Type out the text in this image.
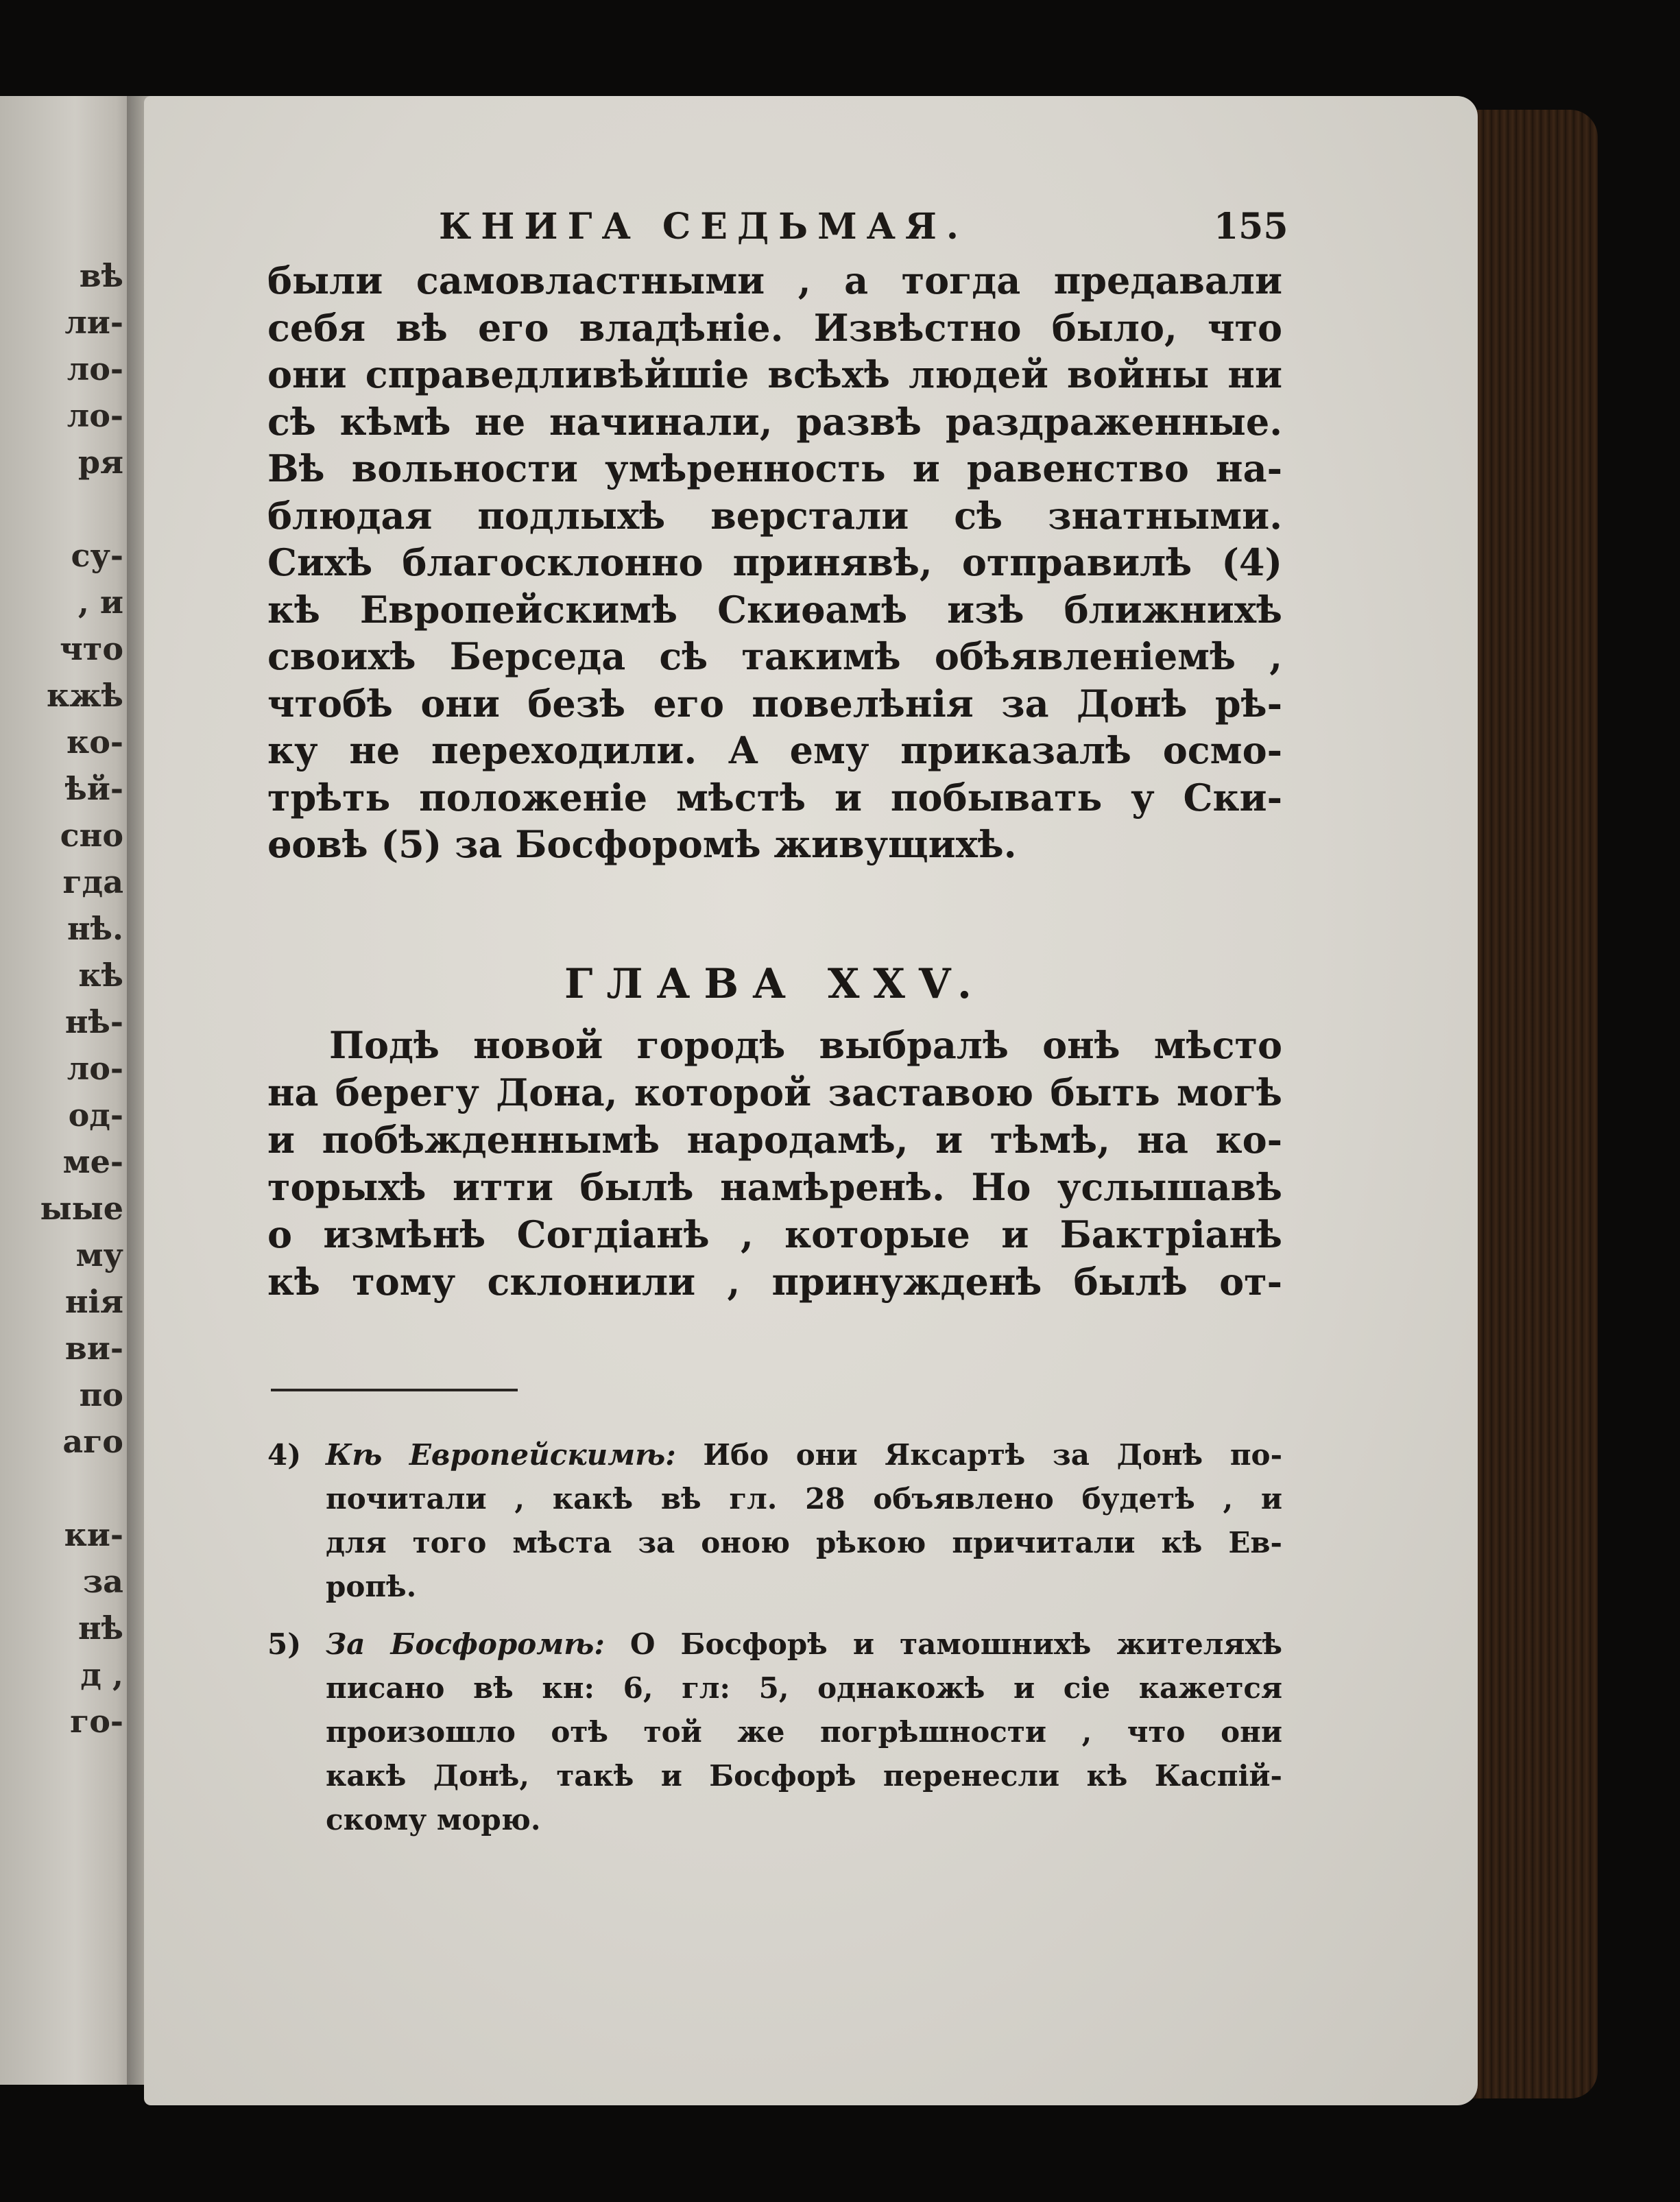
вѣ
ли-
ло-
ло-
ря
су-
, и
что
кжѣ
ко-
ѣй-
сно
гда
нѣ.
кѣ
нѣ-
ло-
од-
ме-
ыые
му
нія
ви-
по
аго
ки-
за
нѣ
д ,
го-
КНИГА СЕДЬМАЯ.	155
были самовластными , а тогда предавали
себя вѣ его владѣніе. Извѣстно было, что
они справедливѣйшіе всѣхѣ людей войны ни
сѣ кѣмѣ не начинали, развѣ раздраженные.
Вѣ вольности умѣренность и равенство на-
блюдая подлыхѣ верстали сѣ знатными.
Сихѣ благосклонно принявѣ, отправилѣ (4)
кѣ Европейскимѣ Скиѳамѣ изѣ ближнихѣ
своихѣ Берседа сѣ такимѣ обѣявленіемѣ ,
чтобѣ они безѣ его повелѣнія за Донѣ рѣ-
ку не переходили. А ему приказалѣ осмо-
трѣть положеніе мѣстѣ и побывать у Ски-
ѳовѣ (5) за Босфоромѣ живущихѣ.
ГЛАВА XXV.
Подѣ новой городѣ выбралѣ онѣ мѣсто
на берегу Дона, которой заставою быть могѣ
и побѣжденнымѣ народамѣ, и тѣмѣ, на ко-
торыхѣ итти былѣ намѣренѣ. Но услышавѣ
о измѣнѣ Согдіанѣ , которые и Бактріанѣ
кѣ тому склонили , принужденѣ былѣ от-
4) Кѣ Европейскимѣ: Ибо они Яксартѣ за Донѣ по-
почитали , какѣ вѣ гл. 28 объявлено будетѣ , и
для того мѣста за оною рѣкою причитали кѣ Ев-
ропѣ.
5) За Босфоромѣ: О Босфорѣ и тамошнихѣ жителяхѣ
писано вѣ кн: 6, гл: 5, однакожѣ и сіе кажется
произошло отѣ той же погрѣшности , что они
какѣ Донѣ, такѣ и Босфорѣ перенесли кѣ Каспій-
скому морю.
